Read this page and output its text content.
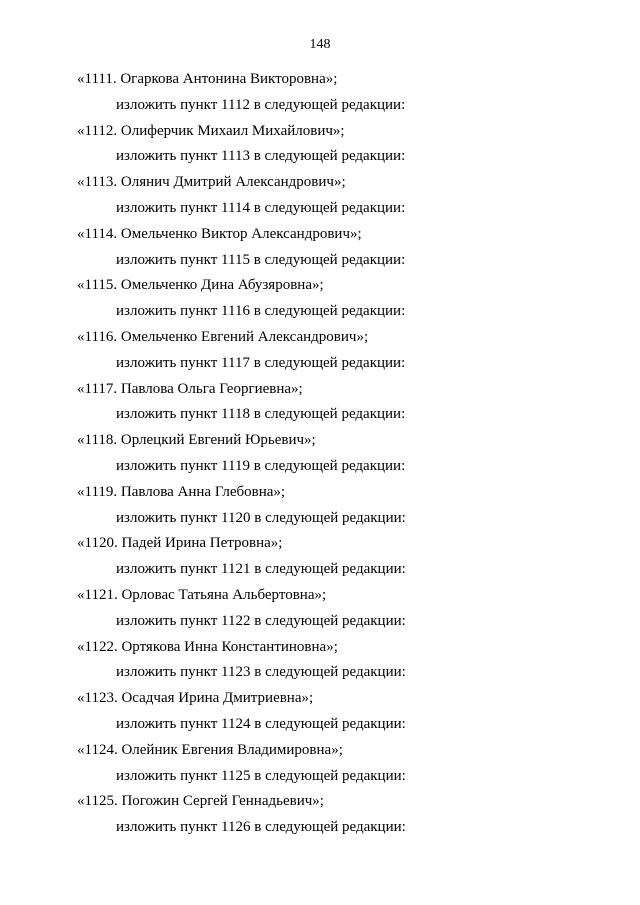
148
«1111. Огаркова Антонина Викторовна»;
изложить пункт 1112 в следующей редакции:
«1112. Олиферчик Михаил Михайлович»;
изложить пункт 1113 в следующей редакции:
«1113. Олянич Дмитрий Александрович»;
изложить пункт 1114 в следующей редакции:
«1114. Омельченко Виктор Александрович»;
изложить пункт 1115 в следующей редакции:
«1115. Омельченко Дина Абузяровна»;
изложить пункт 1116 в следующей редакции:
«1116. Омельченко Евгений Александрович»;
изложить пункт 1117 в следующей редакции:
«1117. Павлова Ольга Георгиевна»;
изложить пункт 1118 в следующей редакции:
«1118. Орлецкий Евгений Юрьевич»;
изложить пункт 1119 в следующей редакции:
«1119. Павлова Анна Глебовна»;
изложить пункт 1120 в следующей редакции:
«1120. Падей Ирина Петровна»;
изложить пункт 1121 в следующей редакции:
«1121. Орловас Татьяна Альбертовна»;
изложить пункт 1122 в следующей редакции:
«1122. Ортякова Инна Константиновна»;
изложить пункт 1123 в следующей редакции:
«1123. Осадчая Ирина Дмитриевна»;
изложить пункт 1124 в следующей редакции:
«1124. Олейник Евгения Владимировна»;
изложить пункт 1125 в следующей редакции:
«1125. Погожин Сергей Геннадьевич»;
изложить пункт 1126 в следующей редакции:
